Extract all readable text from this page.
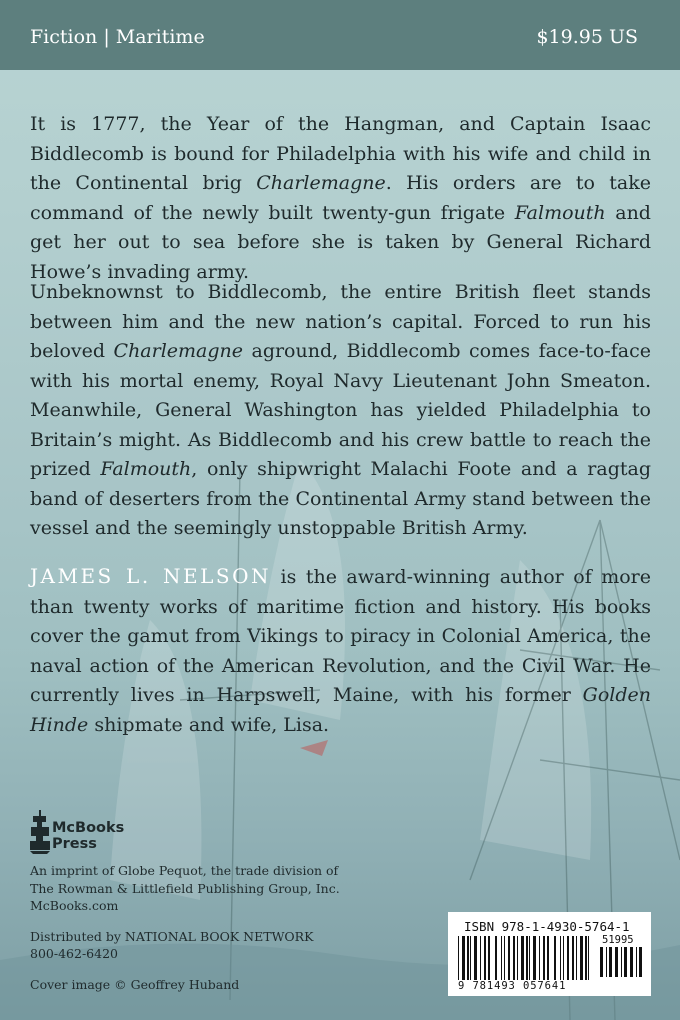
Fiction | Maritime	$19.95 US

It is 1777, the Year of the Hangman, and Captain Isaac Biddlecomb is bound for Philadelphia with his wife and child in the Continental brig Charlemagne. His orders are to take command of the newly built twenty-gun frigate Falmouth and get her out to sea before she is taken by General Richard Howe’s invading army.

Unbeknownst to Biddlecomb, the entire British fleet stands between him and the new nation’s capital. Forced to run his beloved Charlemagne aground, Biddlecomb comes face-to-face with his mortal enemy, Royal Navy Lieutenant John Smeaton. Meanwhile, General Washington has yielded Philadelphia to Britain’s might. As Biddlecomb and his crew battle to reach the prized Falmouth, only shipwright Malachi Foote and a ragtag band of deserters from the Continental Army stand between the vessel and the seemingly unstoppable British Army.

JAMES L. NELSON is the award-winning author of more than twenty works of maritime fiction and history. His books cover the gamut from Vikings to piracy in Colonial America, the naval action of the American Revolution, and the Civil War. He currently lives in Harpswell, Maine, with his former Golden Hinde shipmate and wife, Lisa.

McBooks
Press
An imprint of Globe Pequot, the trade division of
The Rowman & Littlefield Publishing Group, Inc.
McBooks.com
Distributed by NATIONAL BOOK NETWORK
800-462-6420
Cover image © Geoffrey Huband
ISBN 978-1-4930-5764-1
51995
9 781493 057641
